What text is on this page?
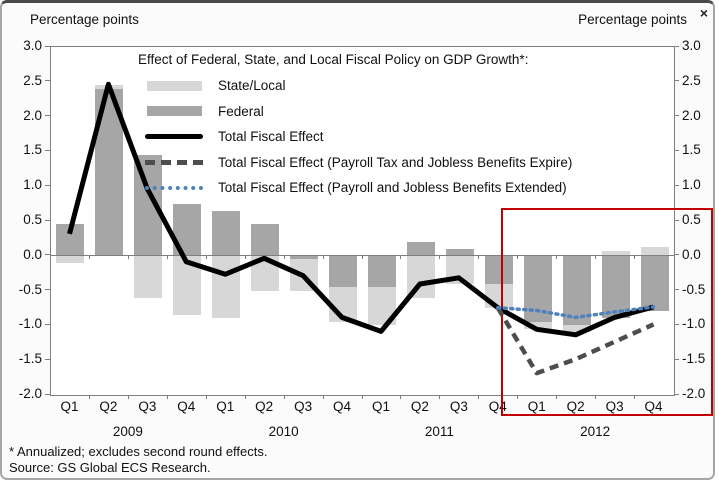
Percentage points	Percentage points ×
Effect of Federal, State, and Local Fiscal Policy on GDP Growth*:
State/Local
Federal
Total Fiscal Effect
Total Fiscal Effect (Payroll Tax and Jobless Benefits Expire)
Total Fiscal Effect (Payroll and Jobless Benefits Extended)
* Annualized; excludes second round effects.
Source: GS Global ECS Research.
3.0	3.0
2.5	2.5
2.0	2.0
1.5	1.5
1.0	1.0
0.5	0.5
0.0	0.0
-0.5	-0.5
-1.0	-1.0
-1.5	-1.5
-2.0	-2.0
Q1	Q2	Q3	Q4	Q1	Q2	Q3	Q4	Q1	Q2	Q3	Q4	Q1	Q2	Q3	Q4
2009	2010	2011	2012
